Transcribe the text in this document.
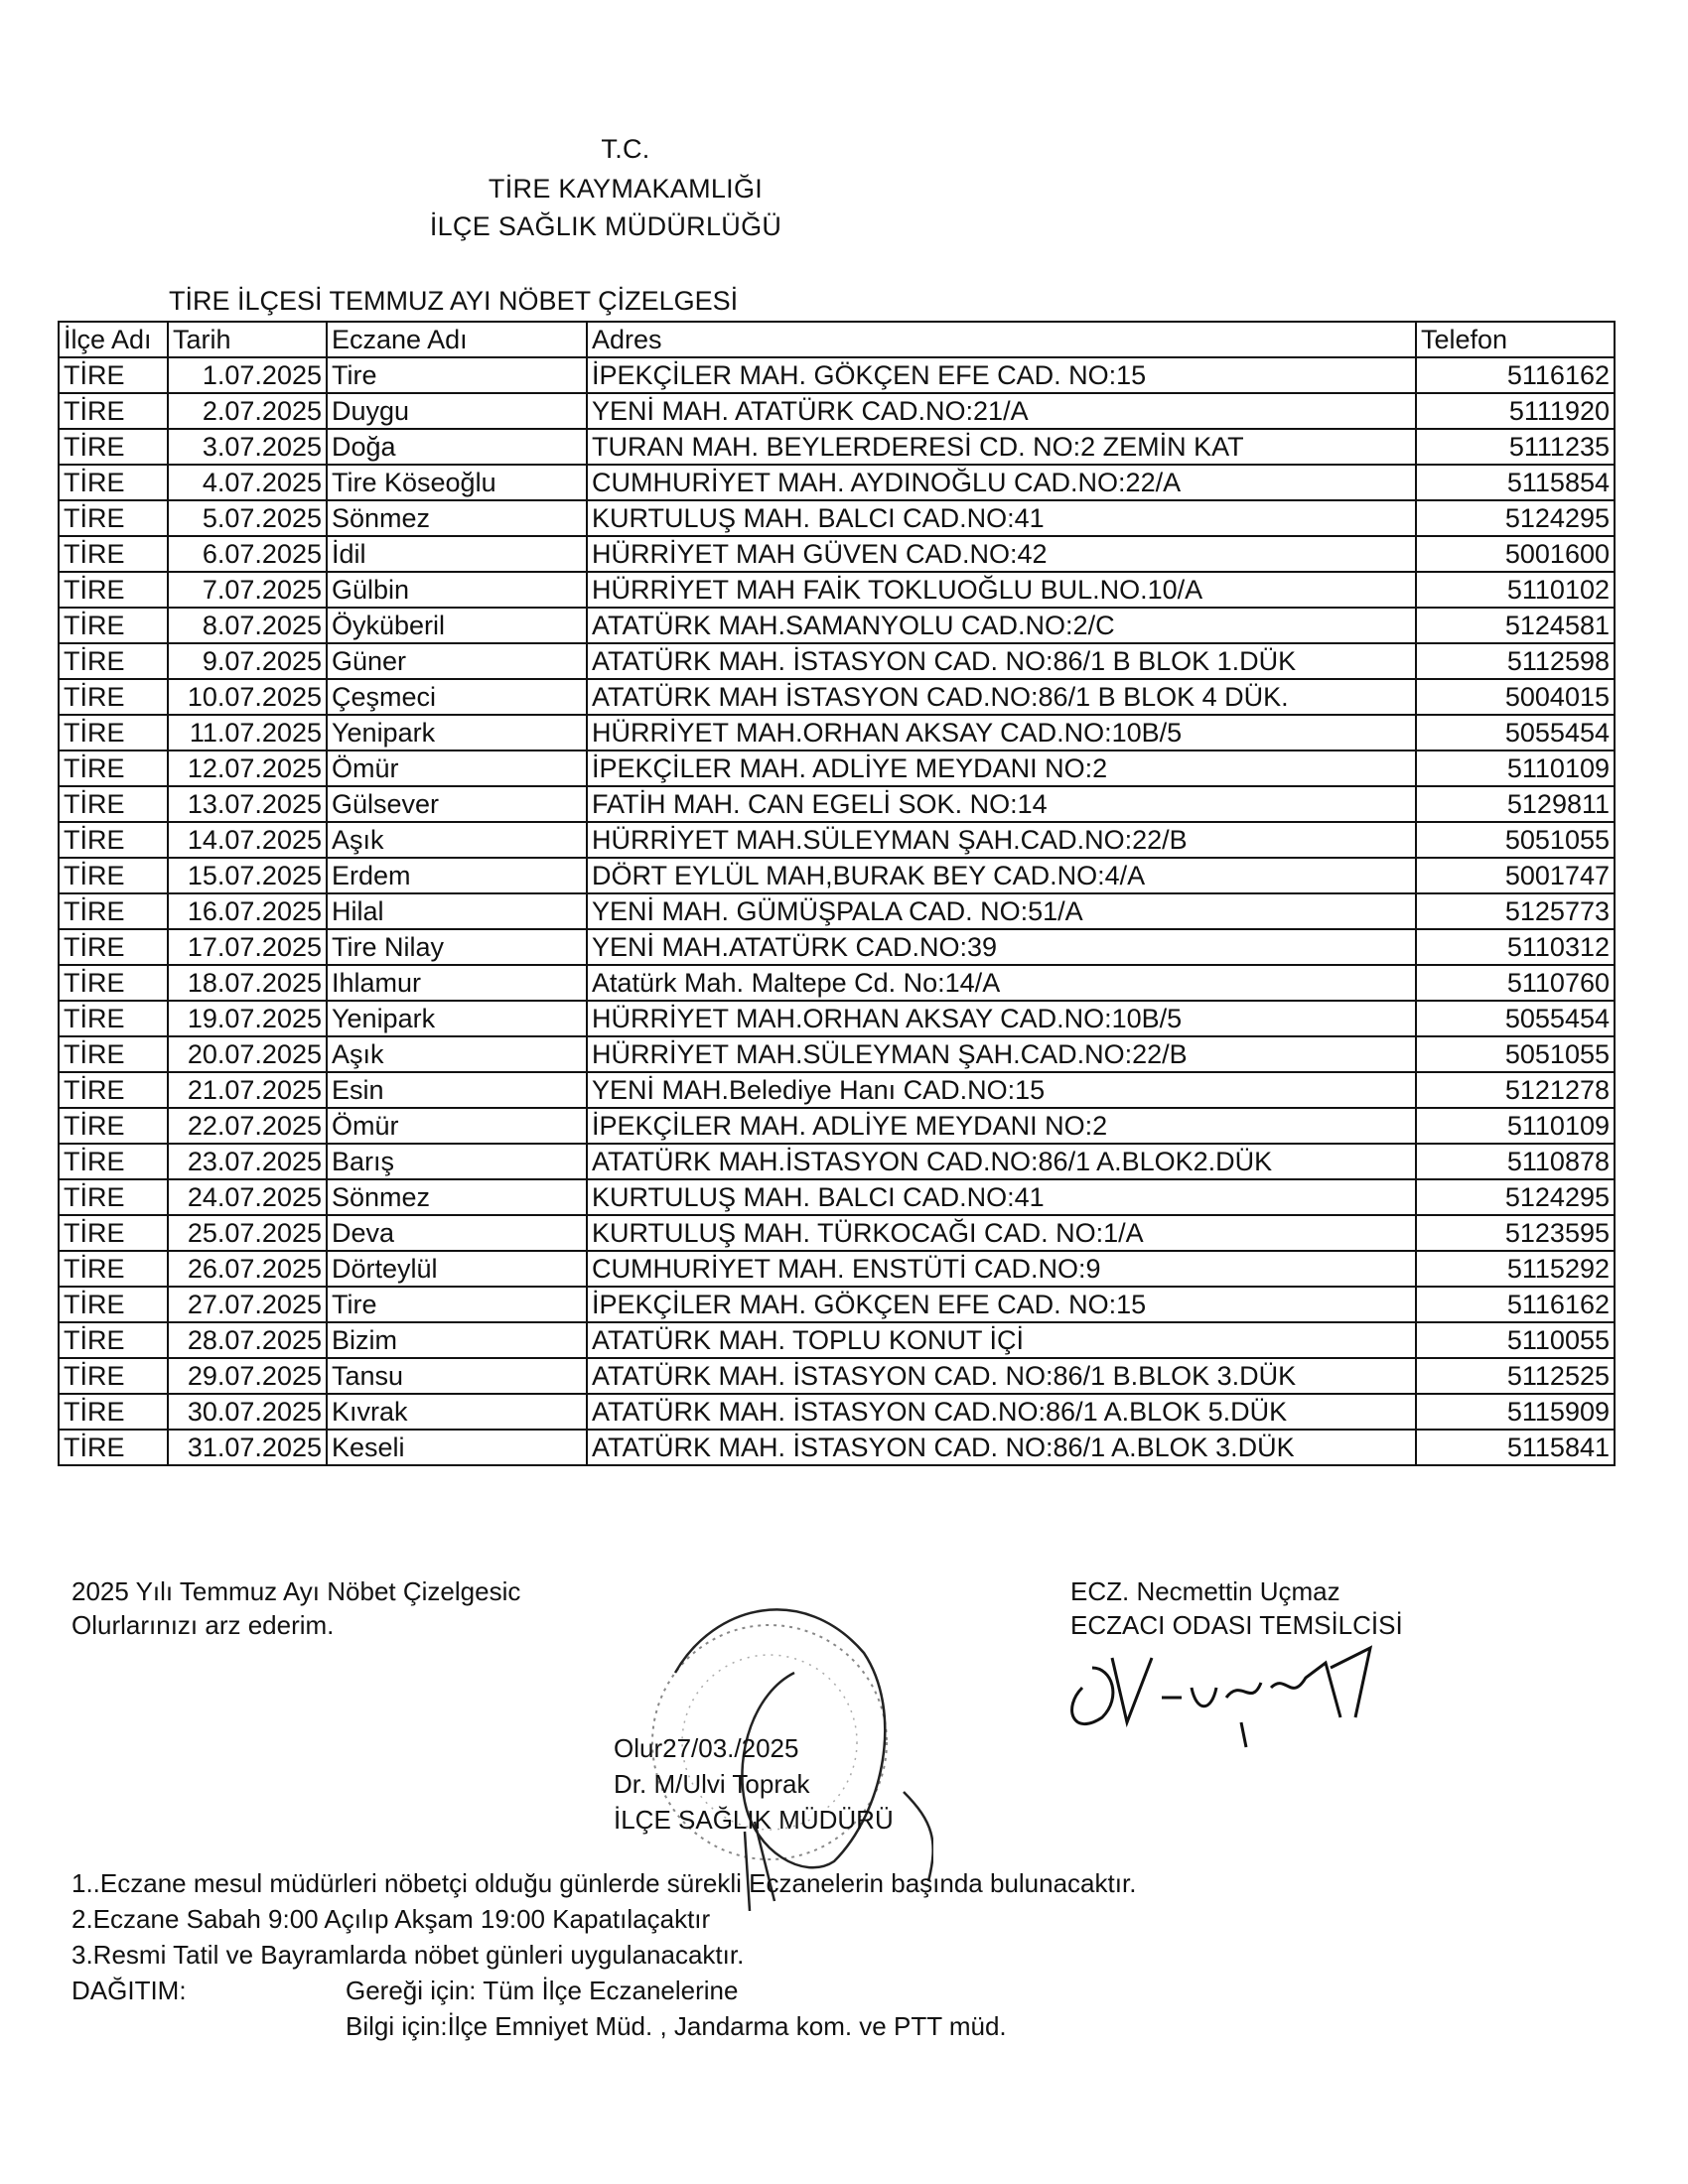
T.C.
TİRE KAYMAKAMLIĞI
İLÇE SAĞLIK MÜDÜRLÜĞÜ
TİRE İLÇESİ TEMMUZ AYI NÖBET ÇİZELGESİ
İlçe Adı	Tarih	Eczane Adı	Adres	Telefon
TİRE	1.07.2025	Tire	İPEKÇİLER MAH. GÖKÇEN EFE CAD. NO:15	5116162
TİRE	2.07.2025	Duygu	YENİ MAH. ATATÜRK CAD.NO:21/A	5111920
TİRE	3.07.2025	Doğa	TURAN MAH. BEYLERDERESİ CD. NO:2 ZEMİN KAT	5111235
TİRE	4.07.2025	Tire Köseoğlu	CUMHURİYET MAH. AYDINOĞLU CAD.NO:22/A	5115854
TİRE	5.07.2025	Sönmez	KURTULUŞ MAH. BALCI CAD.NO:41	5124295
TİRE	6.07.2025	İdil	HÜRRİYET MAH GÜVEN CAD.NO:42	5001600
TİRE	7.07.2025	Gülbin	HÜRRİYET MAH FAİK TOKLUOĞLU BUL.NO.10/A	5110102
TİRE	8.07.2025	Öyküberil	ATATÜRK MAH.SAMANYOLU CAD.NO:2/C	5124581
TİRE	9.07.2025	Güner	ATATÜRK MAH. İSTASYON CAD. NO:86/1 B BLOK 1.DÜK	5112598
TİRE	10.07.2025	Çeşmeci	ATATÜRK MAH İSTASYON CAD.NO:86/1 B BLOK 4 DÜK.	5004015
TİRE	11.07.2025	Yenipark	HÜRRİYET MAH.ORHAN AKSAY CAD.NO:10B/5	5055454
TİRE	12.07.2025	Ömür	İPEKÇİLER MAH. ADLİYE MEYDANI NO:2	5110109
TİRE	13.07.2025	Gülsever	FATİH MAH. CAN EGELİ SOK. NO:14	5129811
TİRE	14.07.2025	Aşık	HÜRRİYET MAH.SÜLEYMAN ŞAH.CAD.NO:22/B	5051055
TİRE	15.07.2025	Erdem	DÖRT EYLÜL MAH,BURAK BEY CAD.NO:4/A	5001747
TİRE	16.07.2025	Hilal	YENİ MAH. GÜMÜŞPALA CAD. NO:51/A	5125773
TİRE	17.07.2025	Tire Nilay	YENİ MAH.ATATÜRK CAD.NO:39	5110312
TİRE	18.07.2025	Ihlamur	Atatürk Mah. Maltepe Cd. No:14/A	5110760
TİRE	19.07.2025	Yenipark	HÜRRİYET MAH.ORHAN AKSAY CAD.NO:10B/5	5055454
TİRE	20.07.2025	Aşık	HÜRRİYET MAH.SÜLEYMAN ŞAH.CAD.NO:22/B	5051055
TİRE	21.07.2025	Esin	YENİ MAH.Belediye Hanı CAD.NO:15	5121278
TİRE	22.07.2025	Ömür	İPEKÇİLER MAH. ADLİYE MEYDANI NO:2	5110109
TİRE	23.07.2025	Barış	ATATÜRK MAH.İSTASYON CAD.NO:86/1 A.BLOK2.DÜK	5110878
TİRE	24.07.2025	Sönmez	KURTULUŞ MAH. BALCI CAD.NO:41	5124295
TİRE	25.07.2025	Deva	KURTULUŞ MAH. TÜRKOCAĞI CAD. NO:1/A	5123595
TİRE	26.07.2025	Dörteylül	CUMHURİYET MAH. ENSTÜTİ CAD.NO:9	5115292
TİRE	27.07.2025	Tire	İPEKÇİLER MAH. GÖKÇEN EFE CAD. NO:15	5116162
TİRE	28.07.2025	Bizim	ATATÜRK MAH. TOPLU KONUT İÇİ	5110055
TİRE	29.07.2025	Tansu	ATATÜRK MAH. İSTASYON CAD. NO:86/1 B.BLOK 3.DÜK	5112525
TİRE	30.07.2025	Kıvrak	ATATÜRK MAH. İSTASYON CAD.NO:86/1 A.BLOK 5.DÜK	5115909
TİRE	31.07.2025	Keseli	ATATÜRK MAH. İSTASYON CAD. NO:86/1 A.BLOK 3.DÜK	5115841
2025 Yılı Temmuz Ayı Nöbet Çizelgesic
Olurlarınızı arz ederim.
ECZ. Necmettin Uçmaz
ECZACI ODASI TEMSİLCİSİ
Olur27/03./2025
Dr. M/Ulvi Toprak
İLÇE SAĞLIK MÜDÜRÜ
1..Eczane mesul müdürleri nöbetçi olduğu günlerde sürekli Eczanelerin başında bulunacaktır.
2.Eczane Sabah 9:00 Açılıp Akşam 19:00 Kapatılaçaktır
3.Resmi Tatil ve Bayramlarda nöbet günleri uygulanacaktır.
DAĞITIM:	Gereği için: Tüm İlçe Eczanelerine
Bilgi için:İlçe Emniyet Müd. , Jandarma kom. ve PTT müd.
